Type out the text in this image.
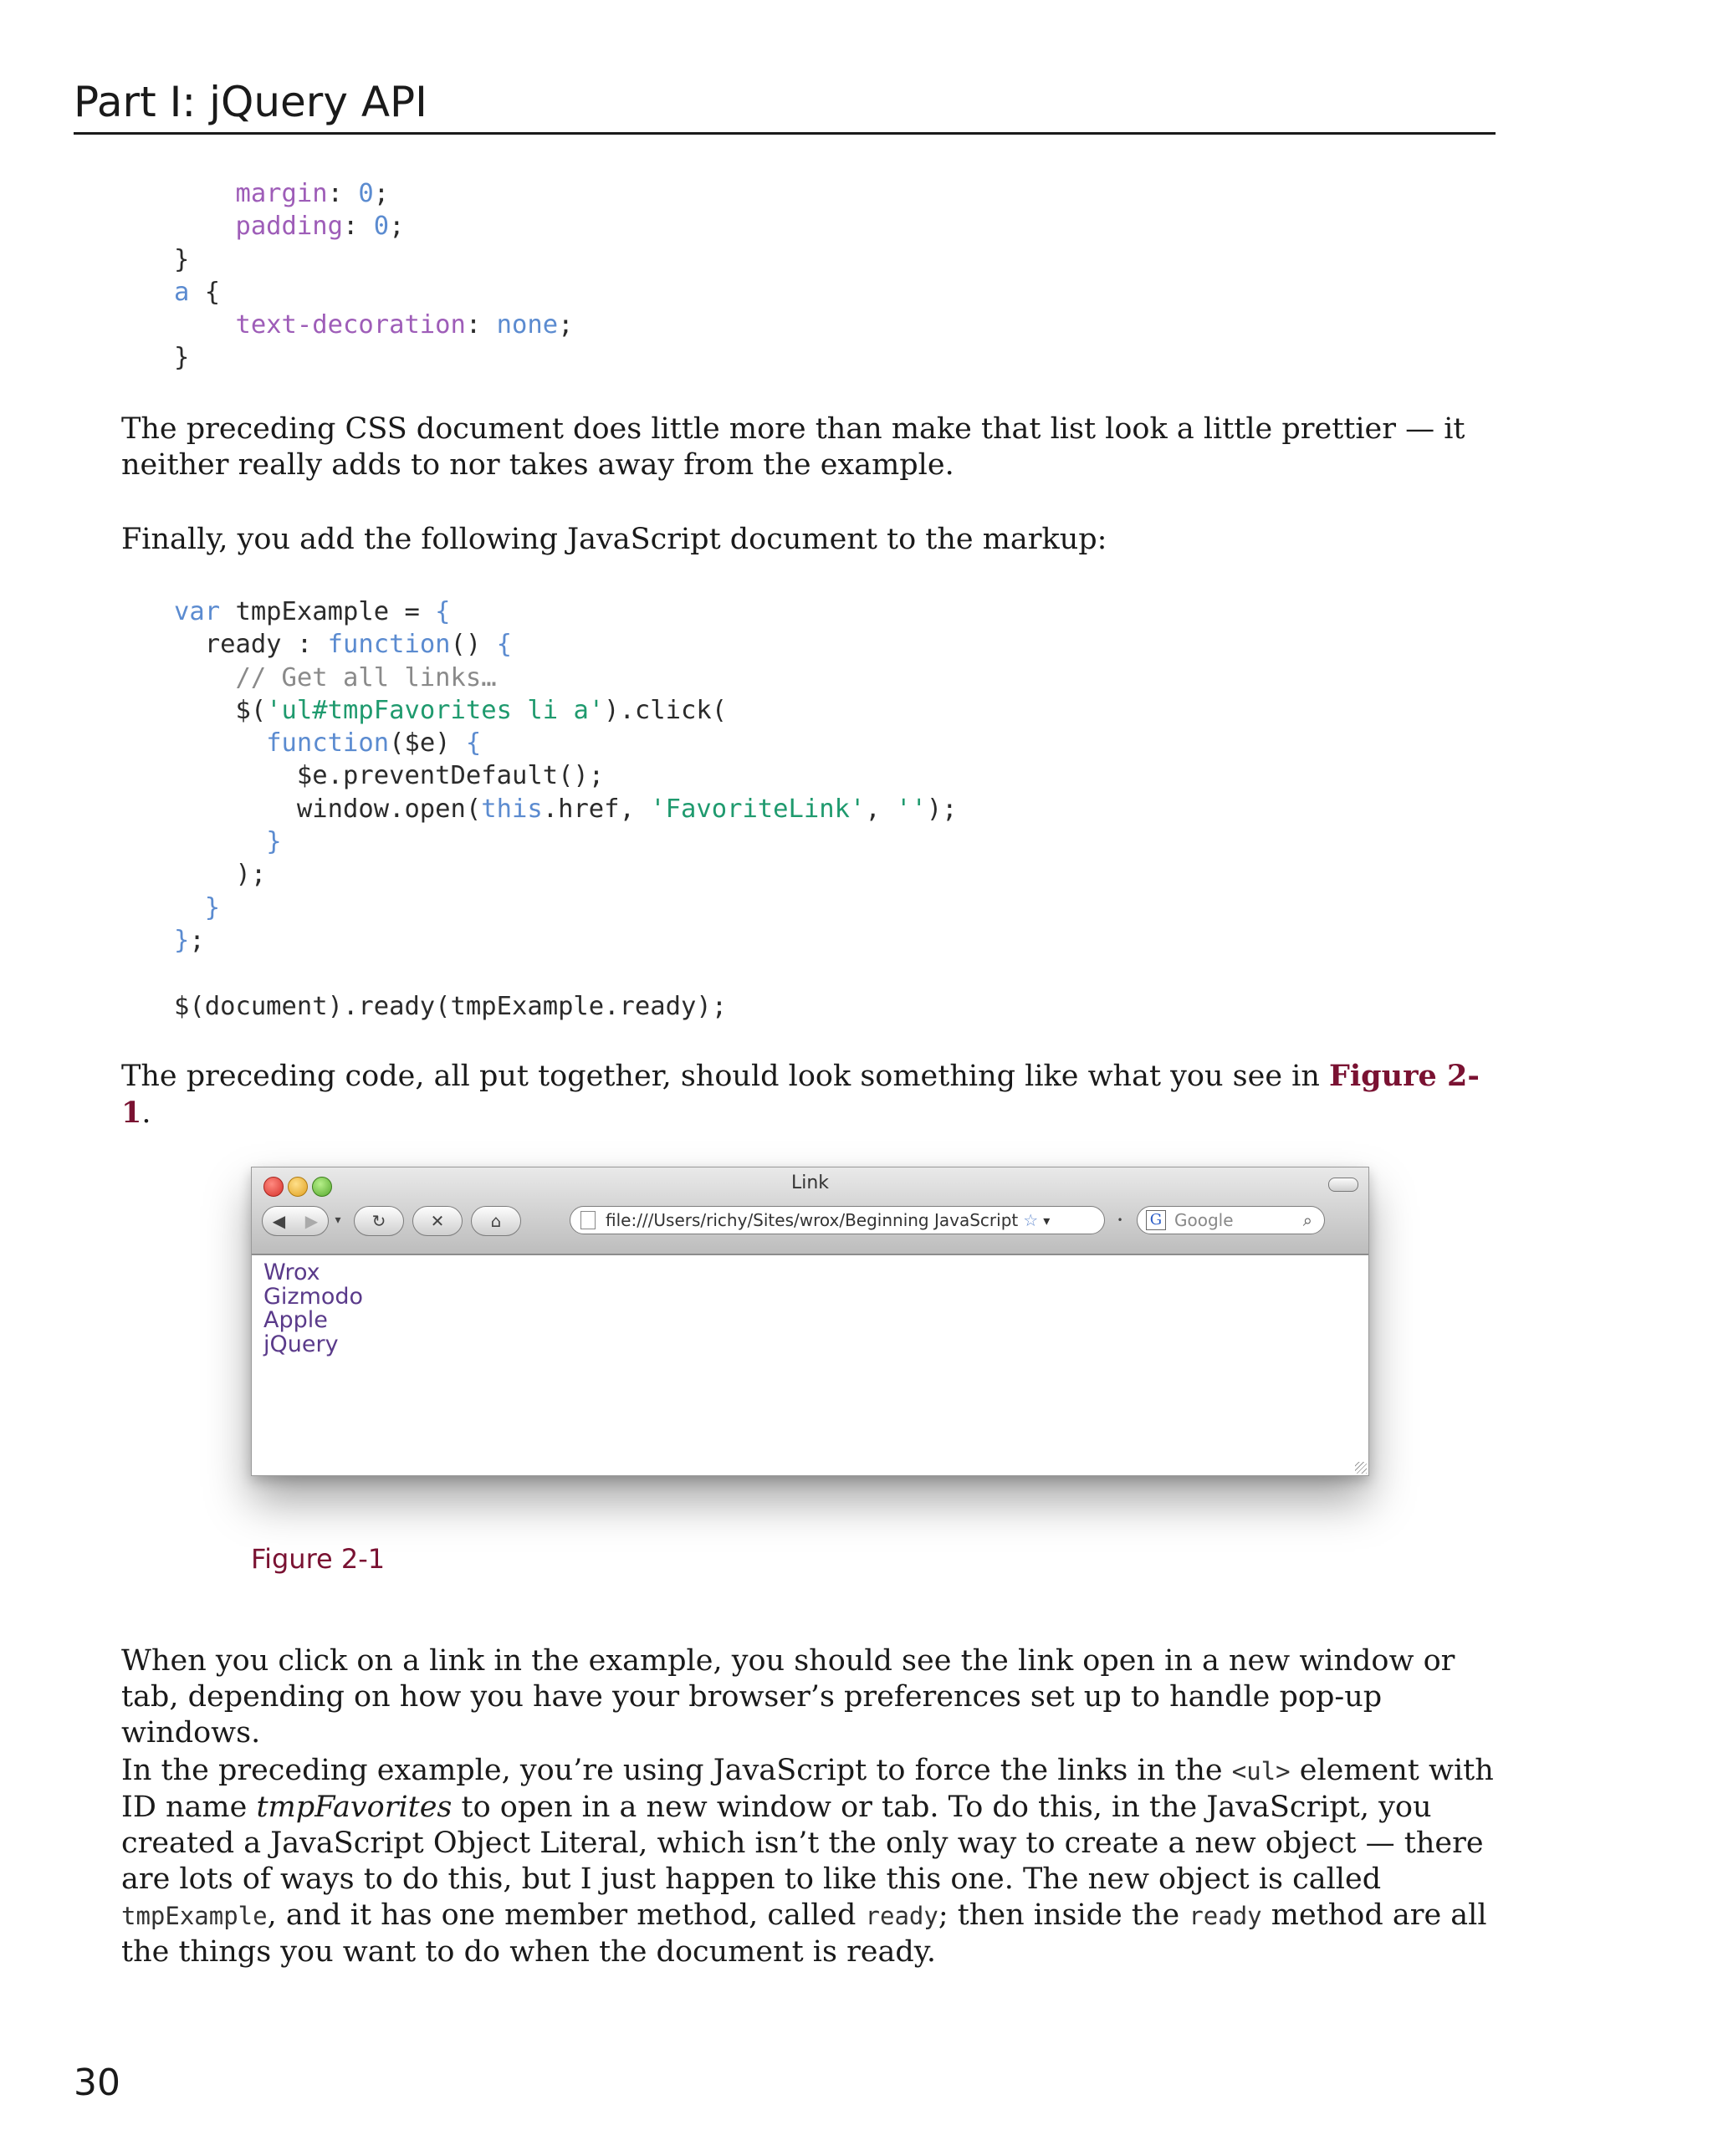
Part I: jQuery API
margin: 0;
padding: 0;
}
a {
text-decoration: none;
}

The preceding CSS document does little more than make that list look a little prettier — it neither really adds to nor takes away from the example.

Finally, you add the following JavaScript document to the markup:

var tmpExample = {
ready : function() {
// Get all links…
$('ul#tmpFavorites li a').click(
function($e) {
$e.preventDefault();
window.open(this.href, 'FavoriteLink', '');
}
);
}
};

$(document).ready(tmpExample.ready);

The preceding code, all put together, should look something like what you see in Figure 2-1.

Link
◀ ▶	▾ ↻	✕	⌂	file:///Users/richy/Sites/wrox/Beginning JavaScript ☆ ▾	• G Google	⌕
Wrox
Gizmodo
Apple
jQuery
Figure 2-1

When you click on a link in the example, you should see the link open in a new window or tab, depending on how you have your browser’s preferences set up to handle pop-up windows.

In the preceding example, you’re using JavaScript to force the links in the <ul> element with ID name tmpFavorites to open in a new window or tab. To do this, in the JavaScript, you created a JavaScript Object Literal, which isn’t the only way to create a new object — there are lots of ways to do this, but I just happen to like this one. The new object is called tmpExample, and it has one member method, called ready; then inside the ready method are all the things you want to do when the document is ready.

30
